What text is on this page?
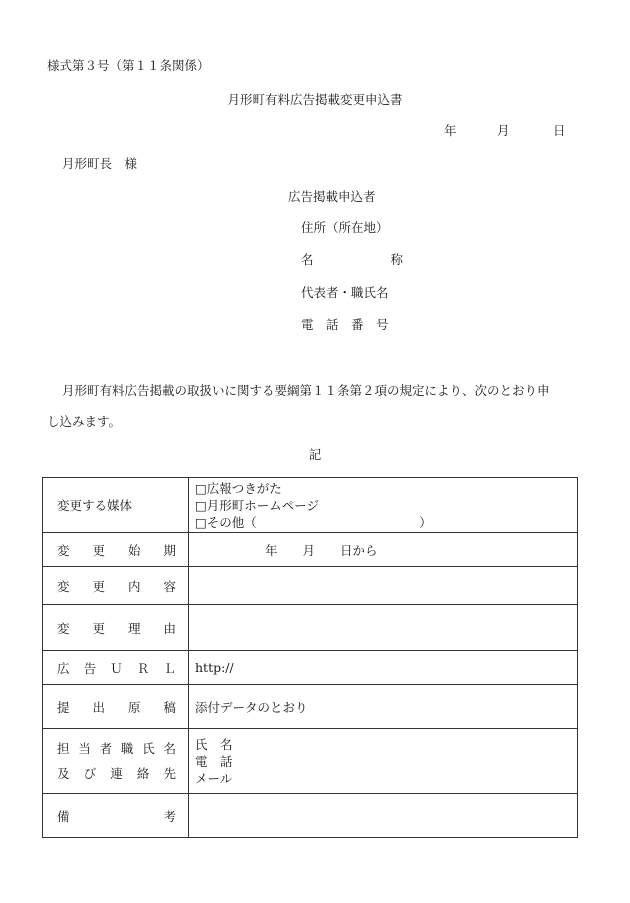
様式第３号（第１１条関係）
月形町有料広告掲載変更申込書
年	月	日
月形町長　様
広告掲載申込者
住所（所在地）
名　　　　称
代表者・職氏名
電　話　番　号
月形町有料広告掲載の取扱いに関する要綱第１１条第２項の規定により、次のとおり申
し込みます。
記
変更する媒体	□広報つきがた
□月形町ホームページ
□その他（　　　　　　　　　　　　　）

変　更　始　期	年　　月　　日から
変　更　内　容	
変　更　理　由	
広　告　Ｕ　Ｒ　Ｌ	http://
提　出　原　稿	添付データのとおり

担当者職氏名
及び連絡先	氏　名
電　話
メール

備　　　　考	
